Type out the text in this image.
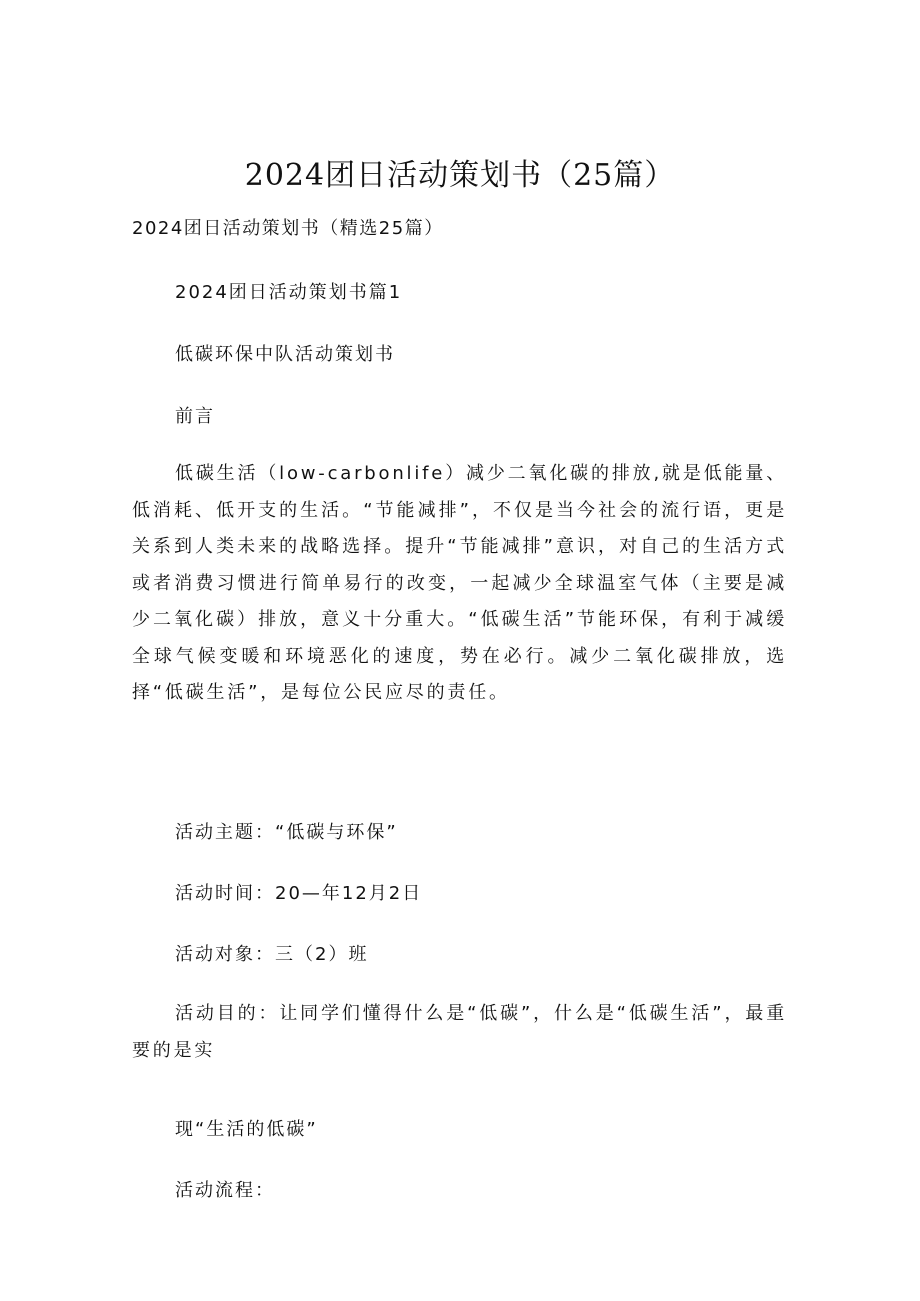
2024团日活动策划书（25篇）
2024团日活动策划书（精选25篇）
2024团日活动策划书篇1
低碳环保中队活动策划书
前言
低碳生活（low-carbonlife）减少二氧化碳的排放,就是低能量、低消耗、低开支的生活。“节能减排”，不仅是当今社会的流行语，更是关系到人类未来的战略选择。提升“节能减排”意识，对自己的生活方式或者消费习惯进行简单易行的改变，一起减少全球温室气体（主要是减少二氧化碳）排放，意义十分重大。“低碳生活”节能环保，有利于减缓全球气候变暖和环境恶化的速度，势在必行。减少二氧化碳排放，选择“低碳生活”，是每位公民应尽的责任。
活动主题：“低碳与环保”
活动时间：20—年12月2日
活动对象：三（2）班
活动目的：让同学们懂得什么是“低碳”，什么是“低碳生活”，最重要的是实
现“生活的低碳”
活动流程：
